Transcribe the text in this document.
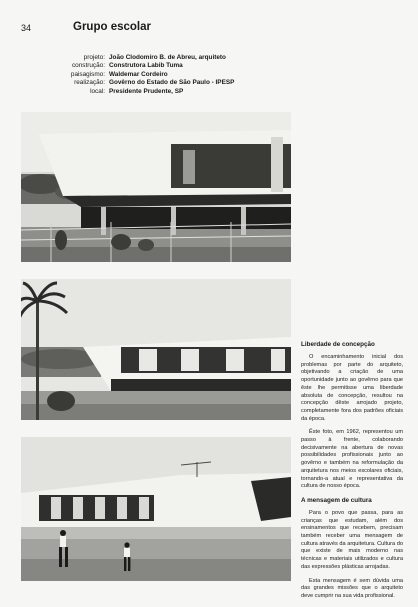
34	Grupo escolar
projeto: João Clodomiro B. de Abreu, arquiteto
construção: Construtora Labib Tuma
paisagismo: Waldemar Cordeiro
realização: Govêrno do Estado de São Paulo - IPESP
local: Presidente Prudente, SP
Liberdade de concepção

O encaminhamento inicial dos problemas por parte do arquiteto, objetivando a criação de uma oportunidade junto ao govêrno para que êste lhe permitisse uma liberdade absoluta de concepção, resultou na concepção dêste arrojado projeto, completamente fora dos padrões oficiais da época.

Êste foto, em 1962, representou um passo à frente, colaborando decisivamente na abertura de novas possibilidades profissionais junto ao govêrno e também na reformulação da arquitetura nos meios escolares oficiais, tornando-a atual e representativa da cultura de nosso época.

A mensagem de cultura

Para o povo que passa, para as crianças que estudam, além dos ensinamentos que recebem, precisam também receber uma mensagem de cultura através da arquitetura. Cultura do que existe de mais moderno nas técnicas e materiais utilizados e cultura das expressões plásticas arrojadas.

Esta mensagem é sem dúvida uma das grandes missões que o arquiteto deve cumprir na sua vida profissional.
